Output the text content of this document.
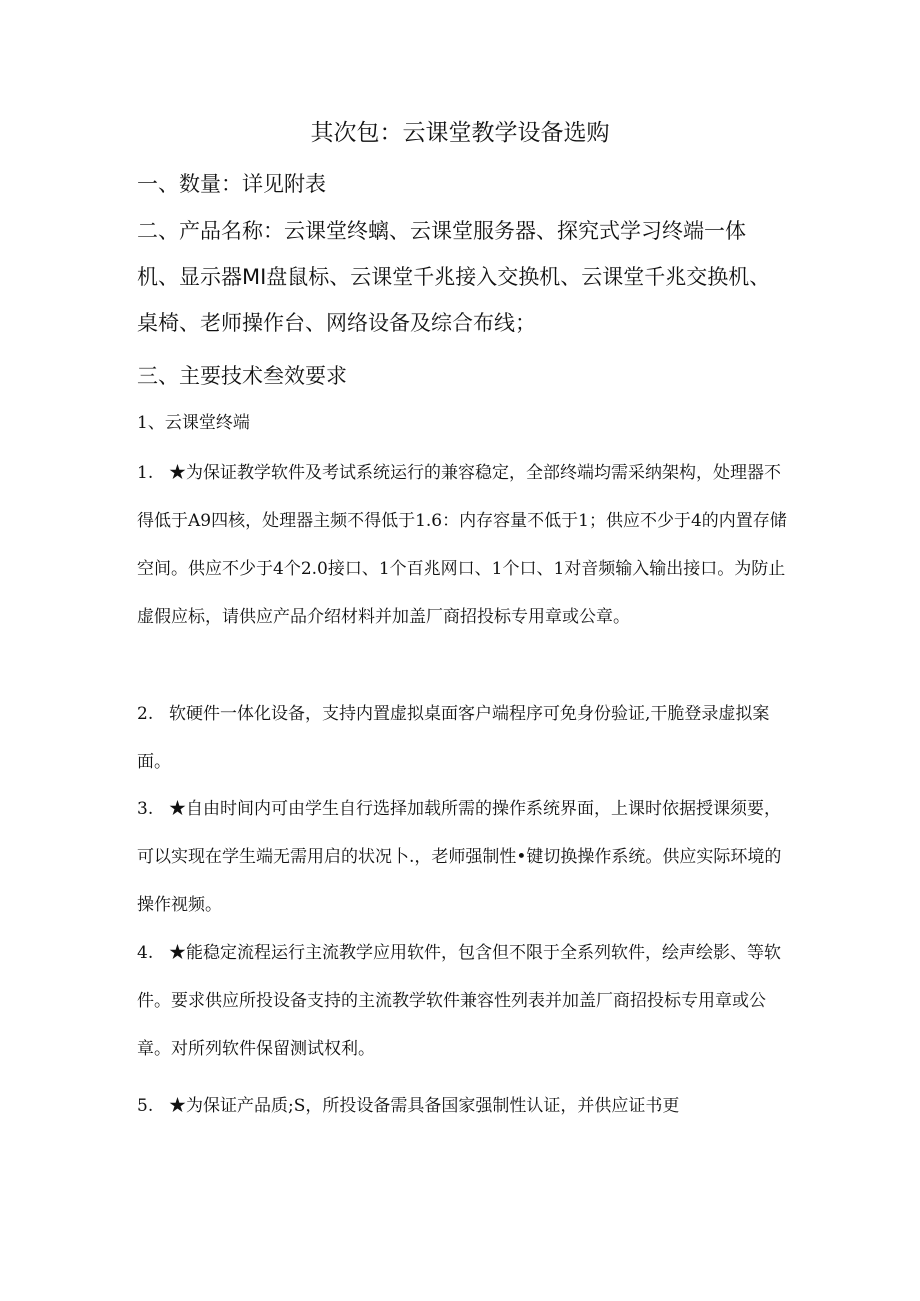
其次包：云课堂教学设备选购
一、数量：详见附表
二、产品名称：云课堂终螭、云课堂服务器、探究式学习终端一体机、显示器MI盘鼠标、云课堂千兆接入交换机、云课堂千兆交换机、桌椅、老师操作台、网络设备及综合布线；
三、主要技术叁效要求
1、云课堂终端
1. ★为保证教学软件及考试系统运行的兼容稳定，全部终端均需采纳架构，处理器不得低于A9四核，处理器主频不得低于1.6：内存容量不低于1；供应不少于4的内置存储空间。供应不少于4个2.0接口、1个百兆网口、1个口、1对音频输入输出接口。为防止虚假应标，请供应产品介绍材料并加盖厂商招投标专用章或公章。
2. 软硬件一体化设备，支持内置虚拟桌面客户端程序可免身份验证,干脆登录虚拟案面。
3. ★自由时间内可由学生自行选择加载所需的操作系统界面，上课时依据授课须要，可以实现在学生端无需用启的状况卜.，老师强制性•键切换操作系统。供应实际环境的操作视频。
4. ★能稳定流程运行主流教学应用软件，包含但不限于全系列软件，绘声绘影、等软件。要求供应所投设备支持的主流教学软件兼容性列表并加盖厂商招投标专用章或公章。对所列软件保留测试权利。
5. ★为保证产品质;S，所投设备需具备国家强制性认证，并供应证书更
